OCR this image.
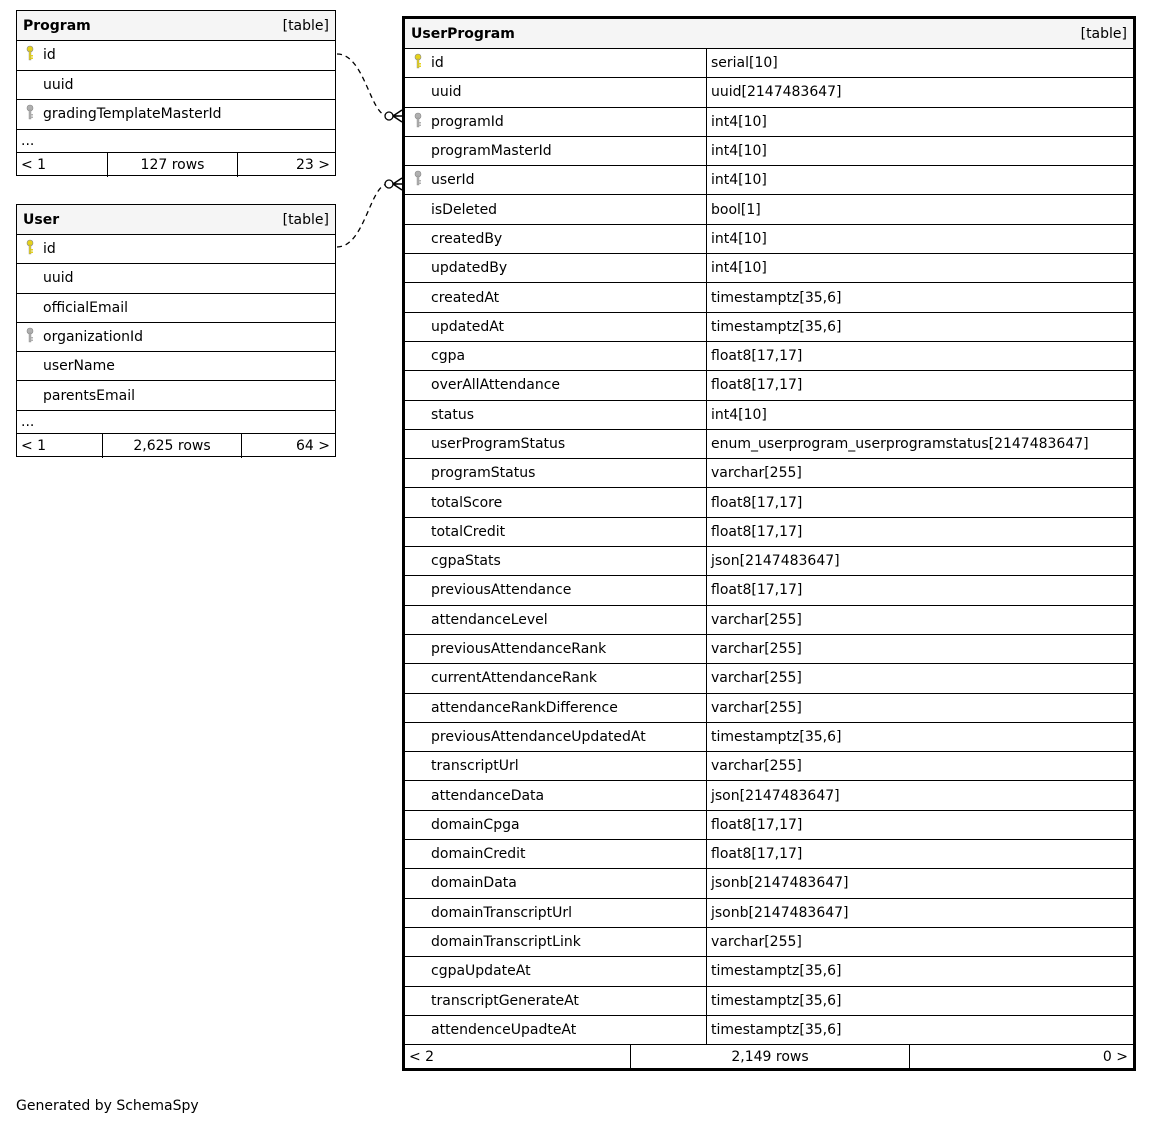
Program	[table]
id
uuid
gradingTemplateMasterId
...
< 1	127 rows	23 >
User	[table]
id
uuid
officialEmail
organizationId
userName
parentsEmail
...
< 1	2,625 rows	64 >
UserProgram	[table]
id	serial[10]
uuid	uuid[2147483647]
programId	int4[10]
programMasterId	int4[10]
userId	int4[10]
isDeleted	bool[1]
createdBy	int4[10]
updatedBy	int4[10]
createdAt	timestamptz[35,6]
updatedAt	timestamptz[35,6]
cgpa	float8[17,17]
overAllAttendance	float8[17,17]
status	int4[10]
userProgramStatus	enum_userprogram_userprogramstatus[2147483647]
programStatus	varchar[255]
totalScore	float8[17,17]
totalCredit	float8[17,17]
cgpaStats	json[2147483647]
previousAttendance	float8[17,17]
attendanceLevel	varchar[255]
previousAttendanceRank	varchar[255]
currentAttendanceRank	varchar[255]
attendanceRankDifference	varchar[255]
previousAttendanceUpdatedAt	timestamptz[35,6]
transcriptUrl	varchar[255]
attendanceData	json[2147483647]
domainCpga	float8[17,17]
domainCredit	float8[17,17]
domainData	jsonb[2147483647]
domainTranscriptUrl	jsonb[2147483647]
domainTranscriptLink	varchar[255]
cgpaUpdateAt	timestamptz[35,6]
transcriptGenerateAt	timestamptz[35,6]
attendenceUpadteAt	timestamptz[35,6]
< 2	2,149 rows	0 >
Generated by SchemaSpy
